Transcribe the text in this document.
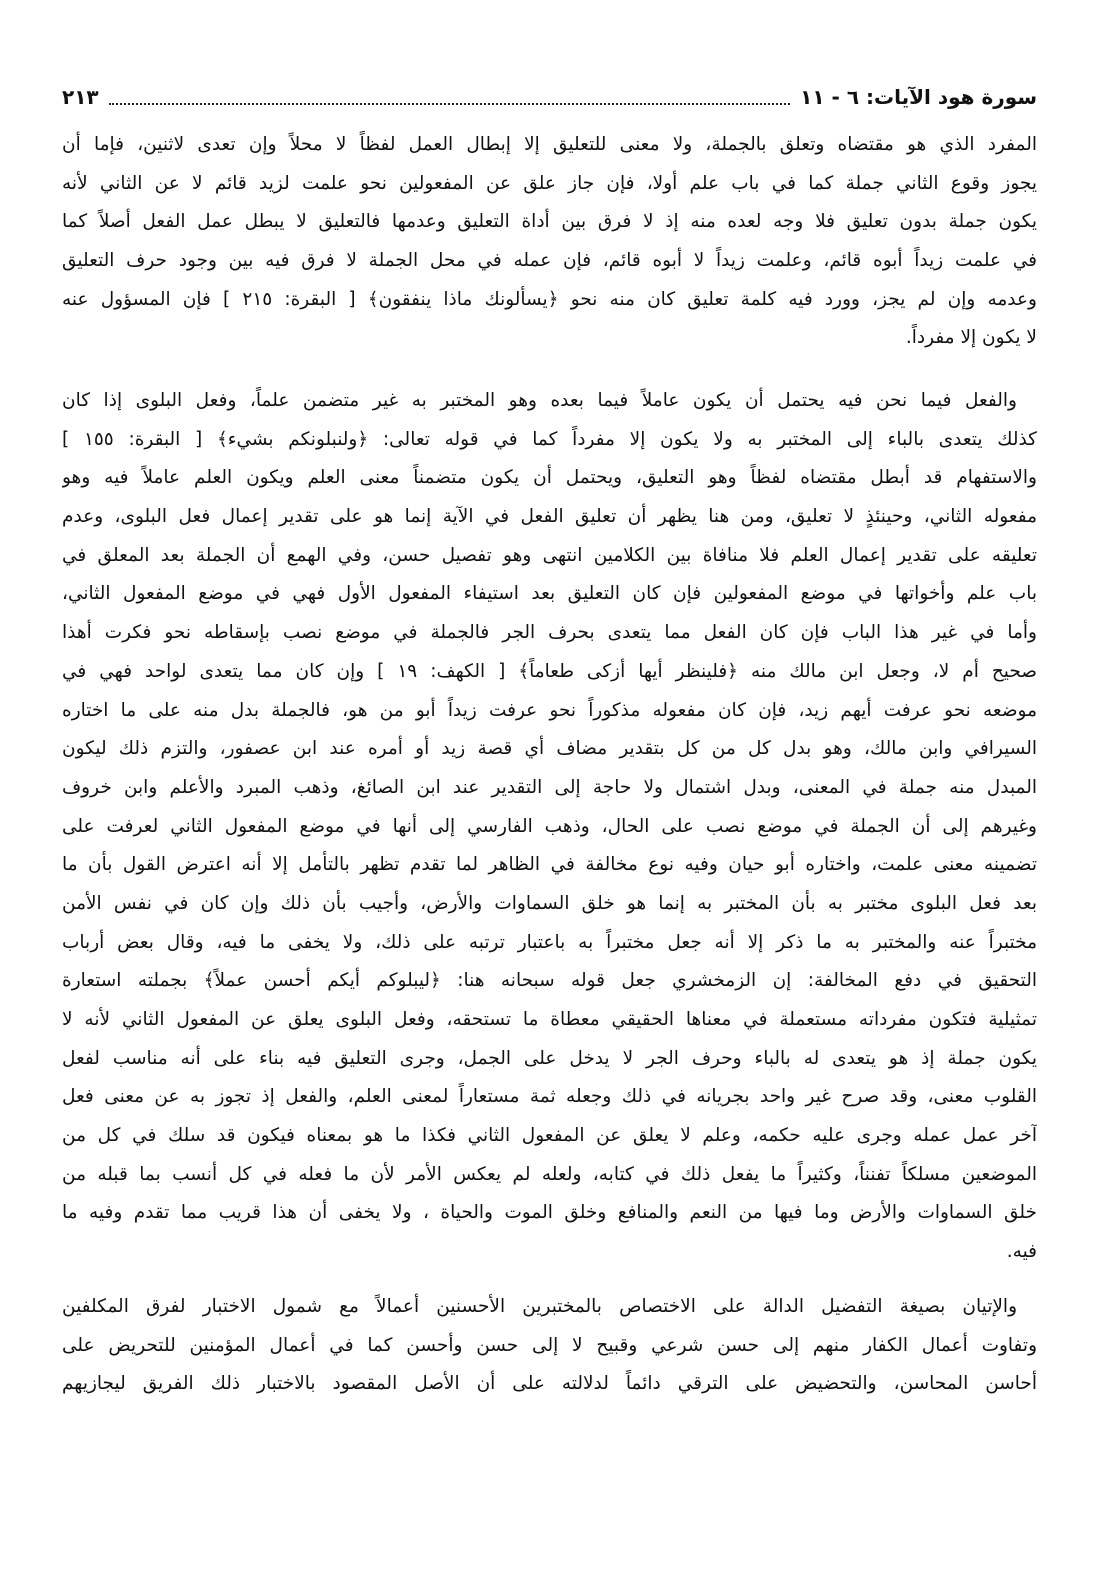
سورة هود الآيات: ٦ - ١١
٢١٣
المفرد الذي هو مقتضاه وتعلق بالجملة، ولا معنى للتعليق إلا إبطال العمل لفظاً لا محلاً وإن تعدى لاثنين، فإما أن
يجوز وقوع الثاني جملة كما في باب علم أولا، فإن جاز علق عن المفعولين نحو علمت لزيد قائم لا عن الثاني لأنه
يكون جملة بدون تعليق فلا وجه لعده منه إذ لا فرق بين أداة التعليق وعدمها فالتعليق لا يبطل عمل الفعل أصلاً كما
في علمت زيداً أبوه قائم، وعلمت زيداً لا أبوه قائم، فإن عمله في محل الجملة لا فرق فيه بين وجود حرف التعليق
وعدمه وإن لم يجز، وورد فيه كلمة تعليق كان منه نحو ﴿يسألونك ماذا ينفقون﴾ [ البقرة: ٢١٥ ] فإن المسؤول عنه
لا يكون إلا مفرداً.
والفعل فيما نحن فيه يحتمل أن يكون عاملاً فيما بعده وهو المختبر به غير متضمن علماً، وفعل البلوى إذا كان
كذلك يتعدى بالباء إلى المختبر به ولا يكون إلا مفرداً كما في قوله تعالى: ﴿ولنبلونكم بشيء﴾ [ البقرة: ١٥٥ ]
والاستفهام قد أبطل مقتضاه لفظاً وهو التعليق، ويحتمل أن يكون متضمناً معنى العلم ويكون العلم عاملاً فيه وهو
مفعوله الثاني، وحينئذٍ لا تعليق، ومن هنا يظهر أن تعليق الفعل في الآية إنما هو على تقدير إعمال فعل البلوى، وعدم
تعليقه على تقدير إعمال العلم فلا منافاة بين الكلامين انتهى وهو تفصيل حسن، وفي الهمع أن الجملة بعد المعلق في
باب علم وأخواتها في موضع المفعولين فإن كان التعليق بعد استيفاء المفعول الأول فهي في موضع المفعول الثاني،
وأما في غير هذا الباب فإن كان الفعل مما يتعدى بحرف الجر فالجملة في موضع نصب بإسقاطه نحو فكرت أهذا
صحيح أم لا، وجعل ابن مالك منه ﴿فلينظر أيها أزكى طعاماً﴾ [ الكهف: ١٩ ] وإن كان مما يتعدى لواحد فهي في
موضعه نحو عرفت أيهم زيد، فإن كان مفعوله مذكوراً نحو عرفت زيداً أبو من هو، فالجملة بدل منه على ما اختاره
السيرافي وابن مالك، وهو بدل كل من كل بتقدير مضاف أي قصة زيد أو أمره عند ابن عصفور، والتزم ذلك ليكون
المبدل منه جملة في المعنى، وبدل اشتمال ولا حاجة إلى التقدير عند ابن الصائغ، وذهب المبرد والأعلم وابن خروف
وغيرهم إلى أن الجملة في موضع نصب على الحال، وذهب الفارسي إلى أنها في موضع المفعول الثاني لعرفت على
تضمينه معنى علمت، واختاره أبو حيان وفيه نوع مخالفة في الظاهر لما تقدم تظهر بالتأمل إلا أنه اعترض القول بأن ما
بعد فعل البلوى مختبر به بأن المختبر به إنما هو خلق السماوات والأرض، وأجيب بأن ذلك وإن كان في نفس الأمن
مختبراً عنه والمختبر به ما ذكر إلا أنه جعل مختبراً به باعتبار ترتبه على ذلك، ولا يخفى ما فيه، وقال بعض أرباب
التحقيق في دفع المخالفة: إن الزمخشري جعل قوله سبحانه هنا: ﴿ليبلوكم أيكم أحسن عملاً﴾ بجملته استعارة
تمثيلية فتكون مفرداته مستعملة في معناها الحقيقي معطاة ما تستحقه، وفعل البلوى يعلق عن المفعول الثاني لأنه لا
يكون جملة إذ هو يتعدى له بالباء وحرف الجر لا يدخل على الجمل، وجرى التعليق فيه بناء على أنه مناسب لفعل
القلوب معنى، وقد صرح غير واحد بجريانه في ذلك وجعله ثمة مستعاراً لمعنى العلم، والفعل إذ تجوز به عن معنى فعل
آخر عمل عمله وجرى عليه حكمه، وعلم لا يعلق عن المفعول الثاني فكذا ما هو بمعناه فيكون قد سلك في كل من
الموضعين مسلكاً تفنناً، وكثيراً ما يفعل ذلك في كتابه، ولعله لم يعكس الأمر لأن ما فعله في كل أنسب بما قبله من
خلق السماوات والأرض وما فيها من النعم والمنافع وخلق الموت والحياة ، ولا يخفى أن هذا قريب مما تقدم وفيه ما
فيه.
والإتيان بصيغة التفضيل الدالة على الاختصاص بالمختبرين الأحسنين أعمالاً مع شمول الاختبار لفرق المكلفين
وتفاوت أعمال الكفار منهم إلى حسن شرعي وقبيح لا إلى حسن وأحسن كما في أعمال المؤمنين للتحريض على
أحاسن المحاسن، والتحضيض على الترقي دائماً لدلالته على أن الأصل المقصود بالاختبار ذلك الفريق ليجازيهم
